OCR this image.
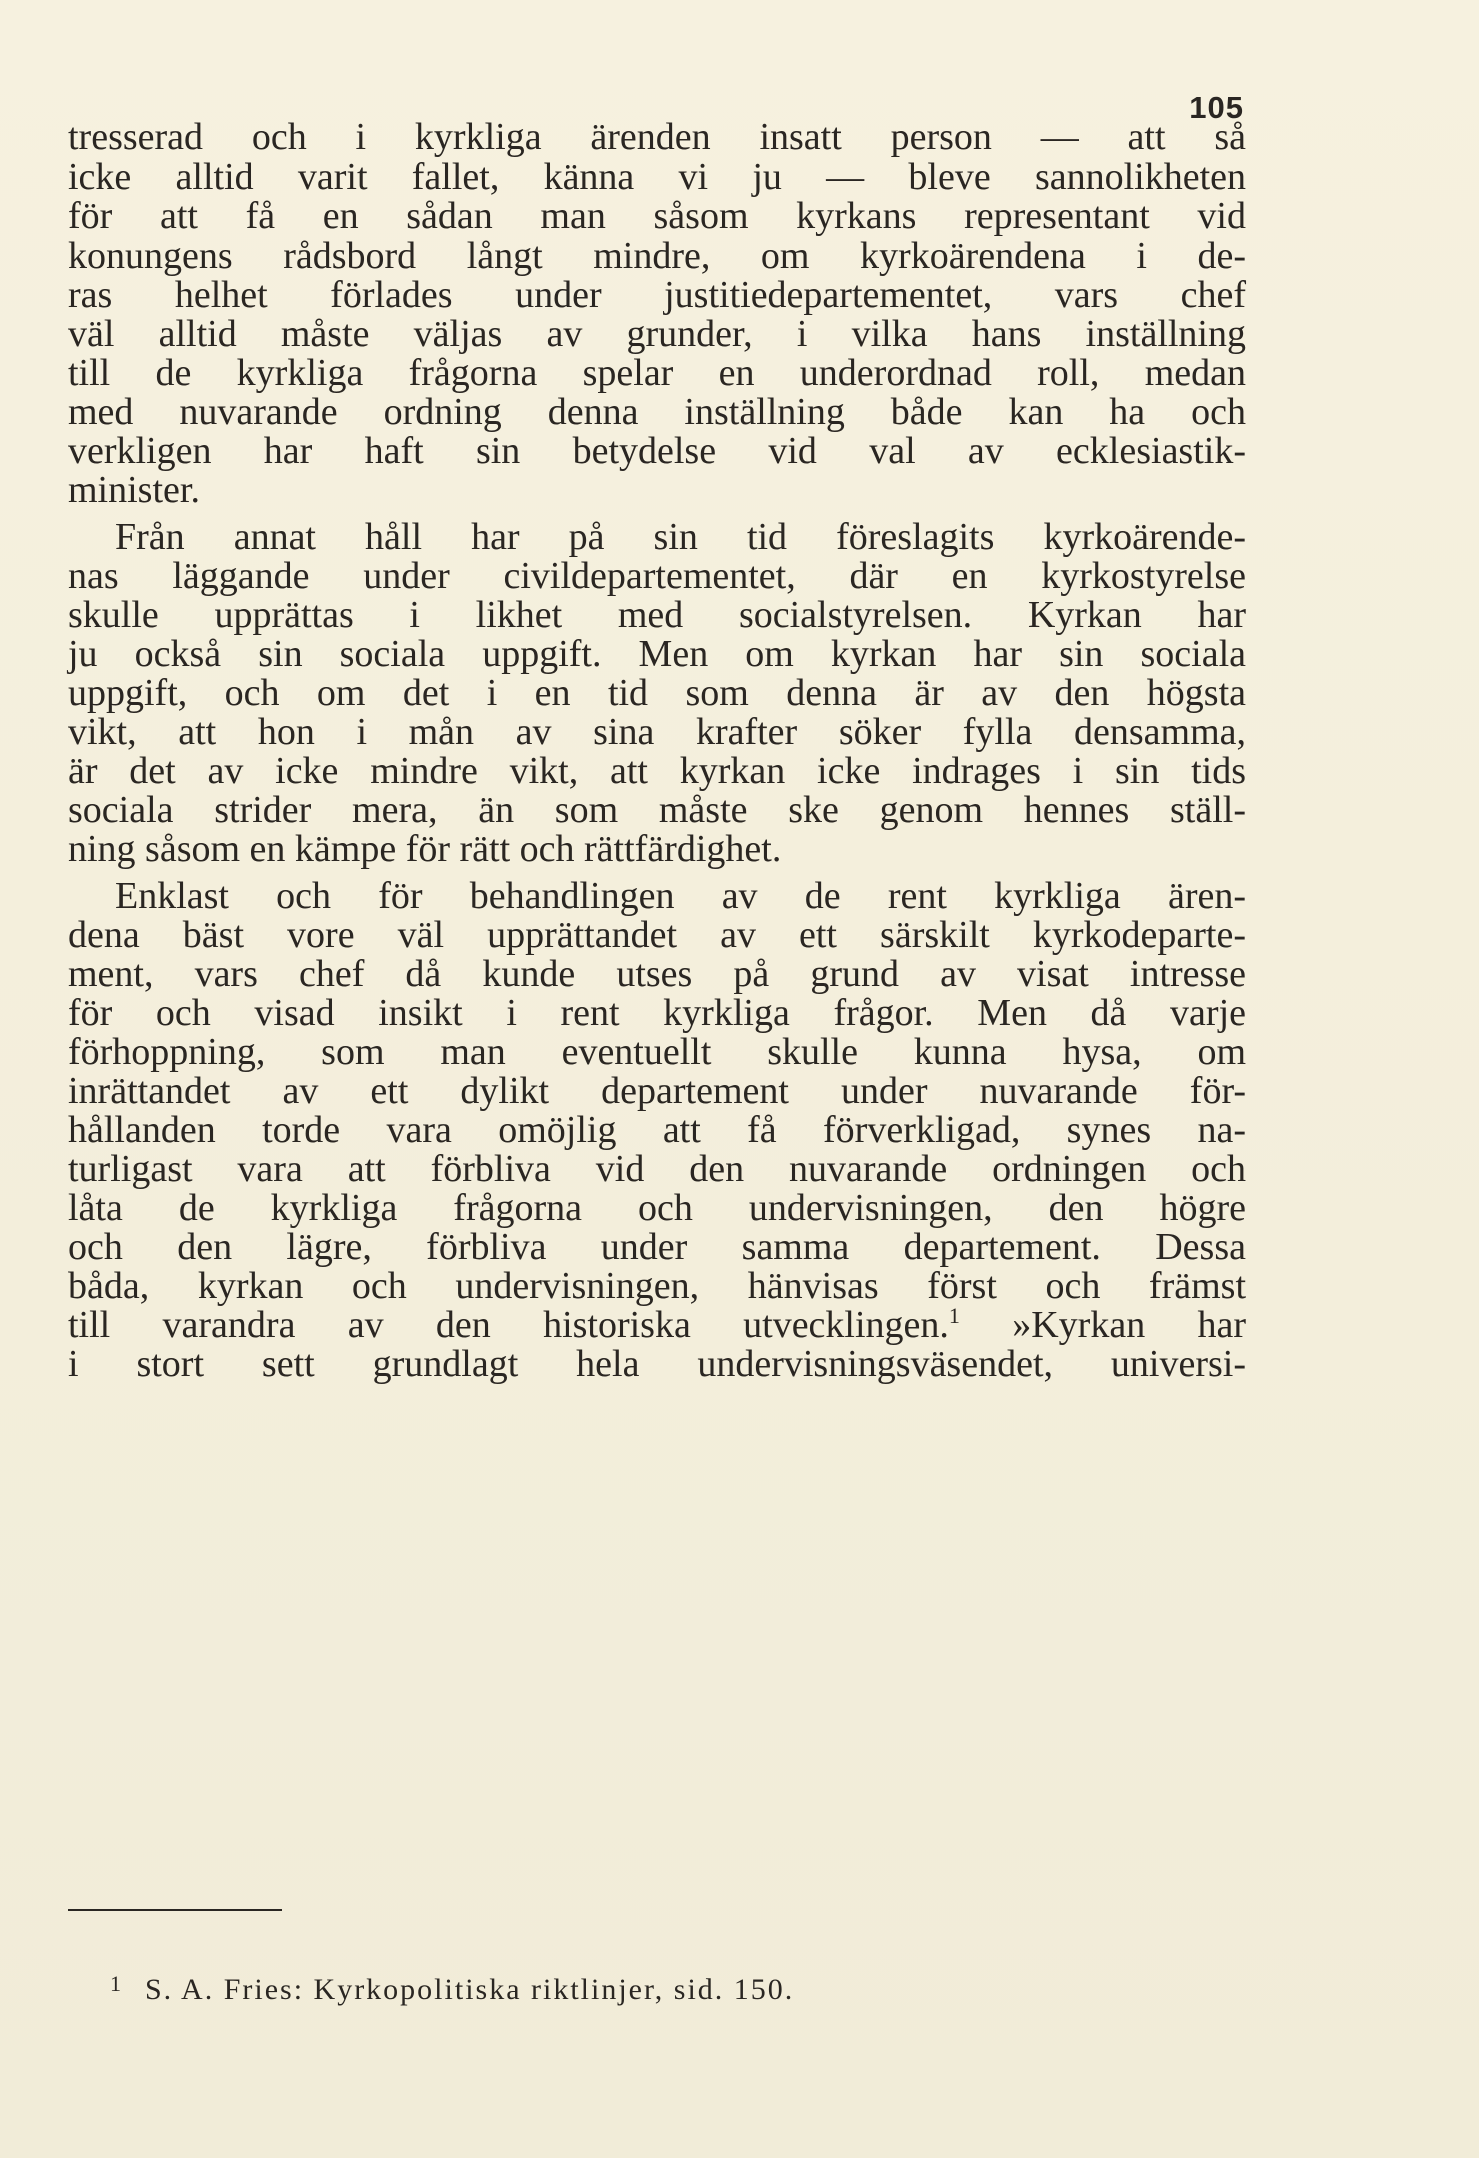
105
tresserad och i kyrkliga ärenden insatt person — att så
icke alltid varit fallet, känna vi ju — bleve sannolikheten
för att få en sådan man såsom kyrkans representant vid
konungens rådsbord långt mindre, om kyrkoärendena i de-
ras helhet förlades under justitiedepartementet, vars chef
väl alltid måste väljas av grunder, i vilka hans inställning
till de kyrkliga frågorna spelar en underordnad roll, medan
med nuvarande ordning denna inställning både kan ha och
verkligen har haft sin betydelse vid val av ecklesiastik-
minister.
Från annat håll har på sin tid föreslagits kyrkoärende-
nas läggande under civildepartementet, där en kyrkostyrelse
skulle upprättas i likhet med socialstyrelsen. Kyrkan har
ju också sin sociala uppgift. Men om kyrkan har sin sociala
uppgift, och om det i en tid som denna är av den högsta
vikt, att hon i mån av sina krafter söker fylla densamma,
är det av icke mindre vikt, att kyrkan icke indrages i sin tids
sociala strider mera, än som måste ske genom hennes ställ-
ning såsom en kämpe för rätt och rättfärdighet.
Enklast och för behandlingen av de rent kyrkliga ären-
dena bäst vore väl upprättandet av ett särskilt kyrkodeparte-
ment, vars chef då kunde utses på grund av visat intresse
för och visad insikt i rent kyrkliga frågor. Men då varje
förhoppning, som man eventuellt skulle kunna hysa, om
inrättandet av ett dylikt departement under nuvarande för-
hållanden torde vara omöjlig att få förverkligad, synes na-
turligast vara att förbliva vid den nuvarande ordningen och
låta de kyrkliga frågorna och undervisningen, den högre
och den lägre, förbliva under samma departement. Dessa
båda, kyrkan och undervisningen, hänvisas först och främst
till varandra av den historiska utvecklingen.$^1$ »Kyrkan har
i stort sett grundlagt hela undervisningsväsendet, universi-
$^1$ S. A. Fries: Kyrkopolitiska riktlinjer, sid. 150.
